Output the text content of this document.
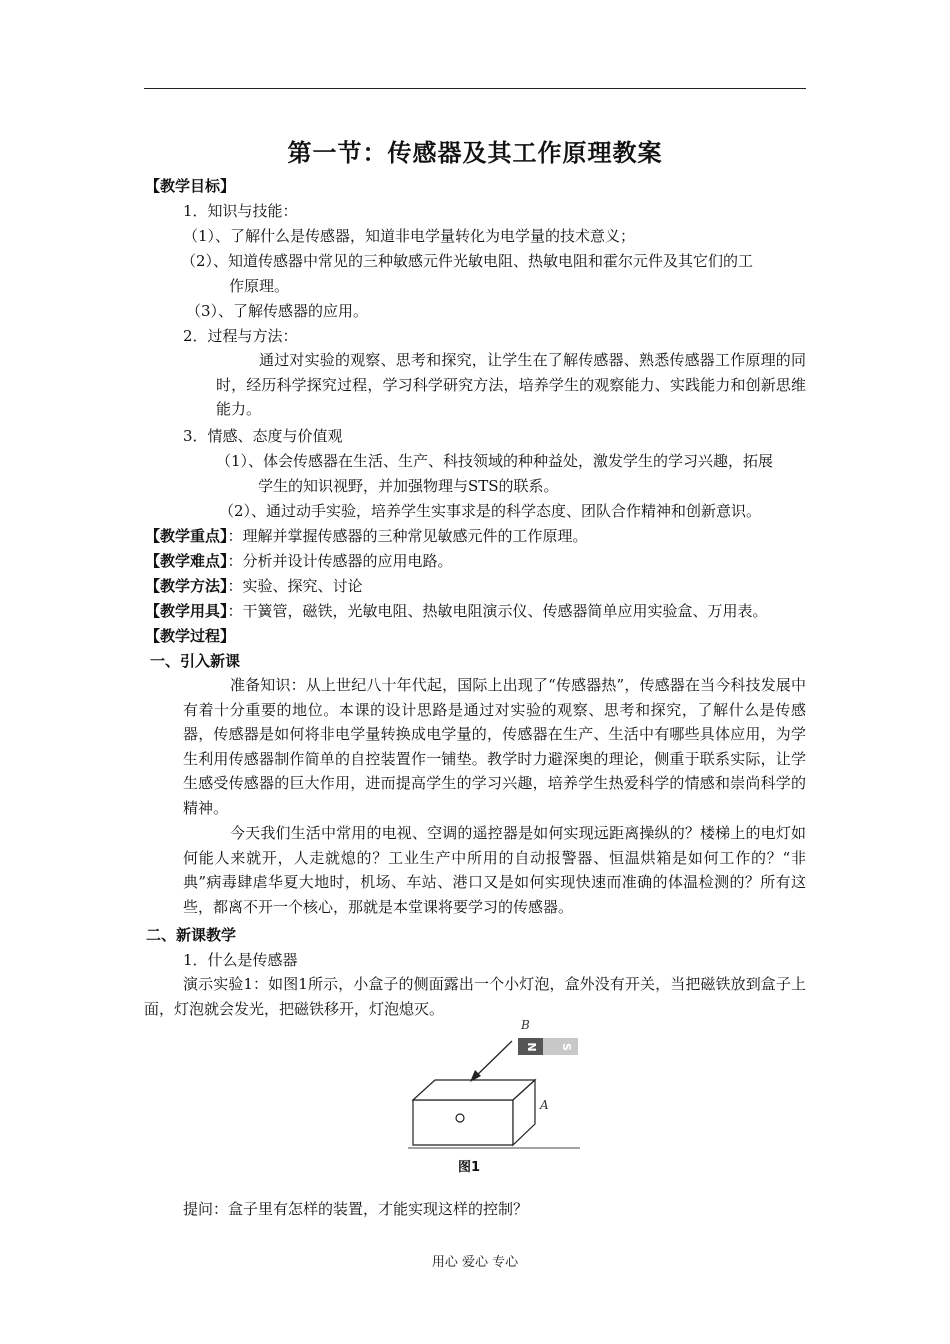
第一节：传感器及其工作原理教案
【教学目标】
1．知识与技能：
（1）、了解什么是传感器，知道非电学量转化为电学量的技术意义；
（2）、知道传感器中常见的三种敏感元件光敏电阻、热敏电阻和霍尔元件及其它们的工
作原理。
（3）、了解传感器的应用。
2．过程与方法：
通过对实验的观察、思考和探究，让学生在了解传感器、熟悉传感器工作原理的同时，经历科学探究过程，学习科学研究方法，培养学生的观察能力、实践能力和创新思维能力。
3．情感、态度与价值观
（1）、体会传感器在生活、生产、科技领域的种种益处，激发学生的学习兴趣，拓展
学生的知识视野，并加强物理与STS的联系。
（2）、通过动手实验，培养学生实事求是的科学态度、团队合作精神和创新意识。
【教学重点】：理解并掌握传感器的三种常见敏感元件的工作原理。
【教学难点】：分析并设计传感器的应用电路。
【教学方法】：实验、探究、讨论
【教学用具】：干簧管，磁铁，光敏电阻、热敏电阻演示仪、传感器简单应用实验盒、万用表。
【教学过程】
一、引入新课
准备知识：从上世纪八十年代起，国际上出现了“传感器热”，传感器在当今科技发展中有着十分重要的地位。本课的设计思路是通过对实验的观察、思考和探究，了解什么是传感器，传感器是如何将非电学量转换成电学量的，传感器在生产、生活中有哪些具体应用，为学生利用传感器制作简单的自控装置作一铺垫。教学时力避深奥的理论，侧重于联系实际，让学生感受传感器的巨大作用，进而提高学生的学习兴趣，培养学生热爱科学的情感和崇尚科学的精神。
今天我们生活中常用的电视、空调的遥控器是如何实现远距离操纵的？楼梯上的电灯如何能人来就开，人走就熄的？工业生产中所用的自动报警器、恒温烘箱是如何工作的？“非典”病毒肆虐华夏大地时，机场、车站、港口又是如何实现快速而准确的体温检测的？所有这些，都离不开一个核心，那就是本堂课将要学习的传感器。
二、新课教学
1．什么是传感器
演示实验1：如图1所示，小盒子的侧面露出一个小灯泡，盒外没有开关，当把磁铁放到盒子上面，灯泡就会发光，把磁铁移开，灯泡熄灭。
N S
B
A
图1
提问：盒子里有怎样的装置，才能实现这样的控制？
用心 爱心 专心
